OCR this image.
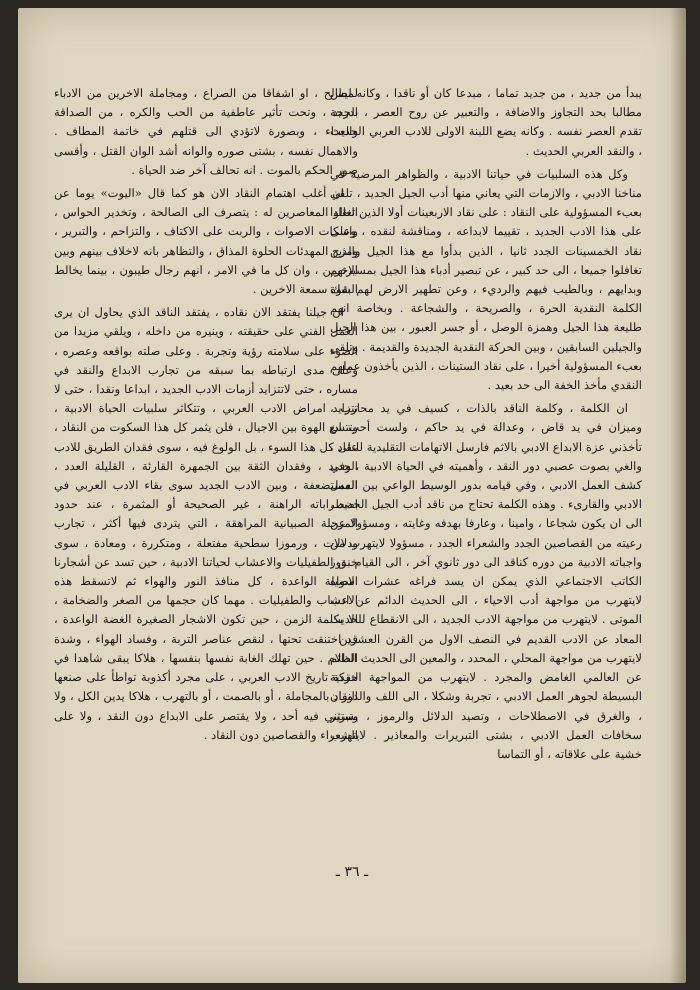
يبدأ من جديد ، من جديد تماما ، مبدعا كان أو ناقدا ، وكانه ليس مطالبا بحد التجاوز والاضافة ، والتعبير عن روح العصر ، بدرجة تقدم العصر نفسه . وكانه يضع اللبنة الاولى للادب العربي الحديث ، والنقد العربي الحديث .

وكل هذه السلبيات في حياتنا الادبية ، والظواهر المرضية في مناخنا الادبي ، والازمات التي يعاني منها أدب الجيل الجديد ، تلقي بعبء المسؤولية على النقاد : على نقاد الاربعينات أولا الذين تعالوا على هذا الادب الجديد ، تقييما لابداعه ، ومناقشة لنقده ، وعلى نقاد الخمسينات الجدد ثانيا ، الذين بدأوا مع هذا الجيل والذين تغافلوا جميعا ، الى حد كبير ، عن تبصير أدباء هذا الجيل بمسيرتهم وبدايهم ، وبالطيب فيهم والرديء ، وعن تطهير الارض لهم بقوة الكلمة النقدية الحرة ، والصريحة ، والشجاعة . وبخاصة انهم طليعة هذا الجيل وهمزة الوصل ، أو جسر العبور ، بين هذا الجيل والجيلين السابقين ، وبين الحركة النقدية الجديدة والقديمة . وتلقي بعبء المسؤولية أخيرا ، على نقاد الستينات ، الذين يأخذون عملهم النقدي مأخذ الخفة الى حد بعيد .

ان الكلمة ، وكلمة الناقد بالذات ، كسيف في يد محارب ، وميزان في يد قاض ، وعدالة في يد حاكم ، ولست أحب ان تأخذني عزة الابداع الادبي بالاثم فارسل الاتهامات التقليدية للنقاد ، والغي بصوت عصبي دور النقد ، وأهميته في الحياة الادبية ، وفي كشف العمل الادبي ، وفي قيامه بدور الوسيط الواعي بين العمل الادبي والقارىء . وهذه الكلمة تحتاج من ناقد أدب الجيل الجديد ، الى ان يكون شجاعا ، وامينا ، وعارفا بهدفه وغايته ، ومسؤولا عن رعيته من القصاصين الجدد والشعراء الجدد ، مسؤولا لايتهرب من واجباته الادبية من دوره كناقد الى دور ثانوي آخر ، الى القيام بدور الكاتب الاجتماعي الذي يمكن ان يسد فراغه عشرات سواه لايتهرب من مواجهة أدب الاحياء ، الى الحديث الدائم عن ادب الموتى . لايتهرب من مواجهة الادب الجديد ، الى الانقطاع للحديث المعاد عن الادب القديم في النصف الاول من القرن العشرين . لايتهرب من مواجهة المحلي ، المحدد ، والمعين الى الحديث الدائم عن العالمي الغامض والمجرد . لايتهرب من المواجهة النقدية البسيطة لجوهر العمل الادبي ، تجربة وشكلا ، الى اللف والدوران ، والغرق في الاصطلاحات ، وتصيد الدلائل والرموز ، وتبرير سخافات العمل الادبي ، بشتى التبريرات والمعاذير . لايتهرب خشية على علاقاته ، أو التماسا

لمطالح ، او اشفاقا من الصراع ، ومجاملة الاخرين من الادباء الجدد ، وتحت تأثير عاطفية من الحب والكره ، من الصداقة والعداء ، وبصورة لاتؤدي الى قتلهم في خاتمة المطاف . والاهمال نفسه ، بشتى صوره والوانه أشد الوان القتل ، وأقسى صور الحكم بالموت . انه تحالف آخر ضد الحياة .

ان أغلب اهتمام النقاد الان هو كما قال «اليوت» يوما عن النقاد المعاصرين له : يتصرف الى الصالحة ، وتخدير الحواس ، واسكات الاصوات ، والربت على الاكتاف ، والتزاحم ، والتبرير ، ومزج المهدئات الحلوة المذاق ، والتظاهر بانه لاخلاف بينهم وبين الاخرين ، وان كل ما في الامر ، انهم رجال طيبون ، بينما يخالط الشك سمعة الاخرين .

ان جيلنا يفتقد الان نقاده ، يفتقد الناقد الذي يحاول ان يرى العمل الفني على حقيقته ، وينيره من داخله ، ويلقي مزيدا من الضوء على سلامته رؤية وتجربة . وعلى صلته بواقعه وعصره ، وعلى مدى ارتباطه بما سبقه من تجارب الابداع والنقد في مساره ، حتى لاتتزايد أزمات الادب الجديد ، ابداعا ونقدا ، حتى لا تتزايد امراض الادب العربي ، وتتكاثر سلبيات الحياة الادبية ، وتتسع الهوة بين الاجيال ، فلن يثمر كل هذا السكوت من النقاد ، على كل هذا السوء ، بل الولوغ فيه ، سوى فقدان الطريق للادب الجديد ، وفقدان الثقة بين الجمهرة القارئة ، القليلة العدد ، المستضعفة ، وبين الادب الجديد سوى بقاء الادب العربي في اضطراباته الراهنة ، غير الصحيحة أو المثمرة ، عند حدود المرحلة الصبيانية المراهقة ، التي يتردى فيها أكثر ، تجارب ودلالات ، ورموزا سطحية مفتعلة ، ومتكررة ، ومعادة ، سوى خنق الطفيليات والاعشاب لحياتنا الادبية ، حين تسد عن أشجارنا الاصيلة الواعدة ، كل منافذ النور والهواء ثم لاتسقط هذه الاعشاب والطفيليات . مهما كان حجمها من الصغر والضخامة ، الا بكلمة الزمن ، حين تكون الاشجار الصغيرة الغضة الواعدة ، قد اختنقت تحتها ، لنقص عناصر التربة ، وفساد الهواء ، وشدة الظلام . حين تهلك الغابة نفسها بنفسها ، هلاكا يبقى شاهدا في حركة تاريخ الادب العربي ، على مجرد أكذوبة تواطأ على صنعها النقاد بالمجاملة ، أو بالصمت ، أو بالتهرب ، هلاكا يدين الكل ، ولا يستثني فيه أحد ، ولا يقتصر على الابداع دون النقد ، ولا على الشعراء والقصاصين دون النقاد .

ـ ٣٦ ـ
